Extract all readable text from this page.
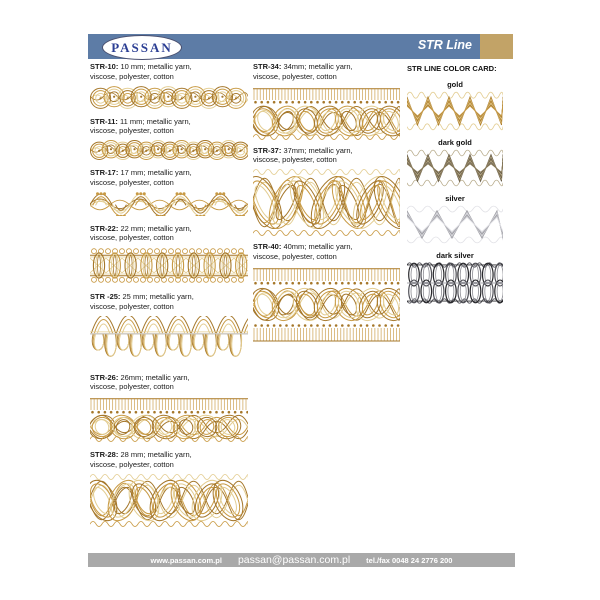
PASSAN	STR Line

STR-10: 10 mm; metallic yarn, viscose, polyester, cotton

STR-11: 11 mm; metallic yarn, viscose, polyester, cotton

STR-17: 17 mm; metallic yarn, viscose, polyester, cotton

STR-22: 22 mm; metallic yarn, viscose, polyester, cotton

STR -25: 25 mm; metallic yarn, viscose, polyester, cotton

STR-26: 26mm; metallic yarn, viscose, polyester, cotton

STR-28: 28 mm; metallic yarn, viscose, polyester, cotton

STR-34: 34mm; metallic yarn, viscose, polyester, cotton

STR-37: 37mm; metallic yarn, viscose, polyester, cotton

STR-40: 40mm; metallic yarn, viscose, polyester, cotton

STR LINE COLOR CARD:

gold

dark gold

silver

dark silver

www.passan.com.pl passan@passan.com.pl tel./fax 0048 24 2776 200
